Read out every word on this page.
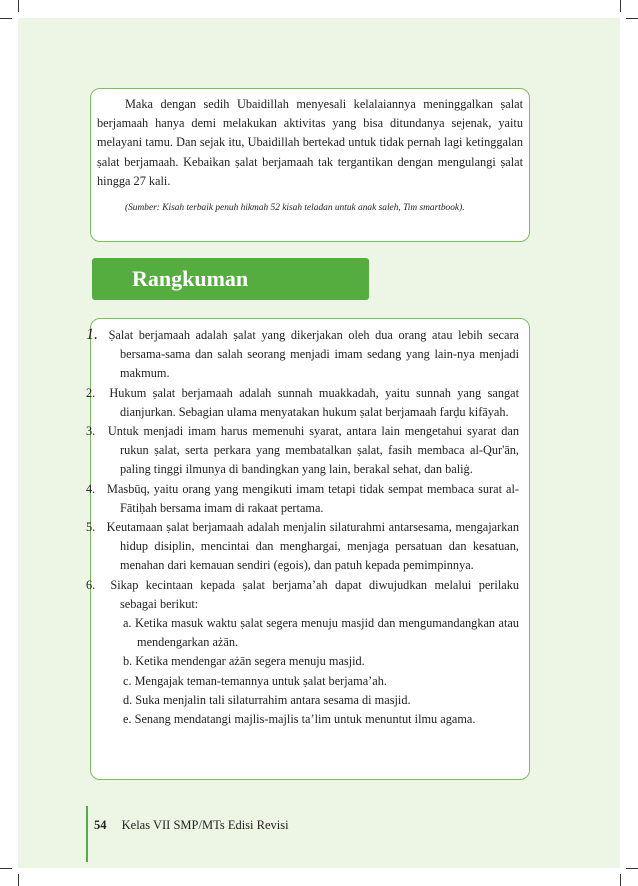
Maka dengan sedih Ubaidillah menyesali kelalaiannya meninggalkan ṣalat berjamaah hanya demi melakukan aktivitas yang bisa ditundanya sejenak, yaitu melayani tamu. Dan sejak itu, Ubaidillah bertekad untuk tidak pernah lagi ketinggalan ṣalat berjamaah. Kebaikan ṣalat berjamaah tak tergantikan dengan mengulangi ṣalat hingga 27 kali.

(Sumber: Kisah terbaik penuh hikmah 52 kisah teladan untuk anak saleh, Tim smartbook).

Rangkuman

1. Ṣalat berjamaah adalah ṣalat yang dikerjakan oleh dua orang atau lebih secara bersama-sama dan salah seorang menjadi imam sedang yang lain-nya menjadi makmum.

2. Hukum ṣalat berjamaah adalah sunnah muakkadah, yaitu sunnah yang sangat dianjurkan. Sebagian ulama menyatakan hukum ṣalat berjamaah farḍu kifāyah.

3. Untuk menjadi imam harus memenuhi syarat, antara lain mengetahui syarat dan rukun ṣalat, serta perkara yang membatalkan ṣalat, fasih membaca al-Qur'ān, paling tinggi ilmunya di bandingkan yang lain, berakal sehat, dan baliġ.

4. Masbūq, yaitu orang yang mengikuti imam tetapi tidak sempat membaca surat al-Fātiḥah bersama imam di rakaat pertama.

5. Keutamaan ṣalat berjamaah adalah menjalin silaturahmi antarsesama, mengajarkan hidup disiplin, mencintai dan menghargai, menjaga persatuan dan kesatuan, menahan dari kemauan sendiri (egois), dan patuh kepada pemimpinnya.

6. Sikap kecintaan kepada ṣalat berjama’ah dapat diwujudkan melalui perilaku sebagai berikut:

a. Ketika masuk waktu ṣalat segera menuju masjid dan mengumandangkan atau mendengarkan ażān.

b. Ketika mendengar ażān segera menuju masjid.

c. Mengajak teman-temannya untuk ṣalat berjama’ah.

d. Suka menjalin tali silaturrahim antara sesama di masjid.

e. Senang mendatangi majlis-majlis ta’lim untuk menuntut ilmu agama.

54 Kelas VII SMP/MTs Edisi Revisi
